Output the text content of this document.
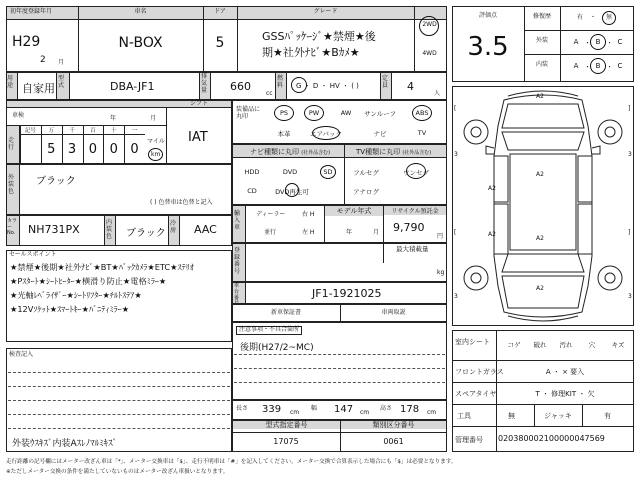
初年度登録年月
H29
2 月
車名
N-BOX
ドア
5
グレード
GSSﾊﾟｯｹｰｼﾞ★禁煙★後
期★社外ﾅﾋﾞ★Bｶﾒ★
2WD
4WD
用途 自家用
型式	DBA-JF1
排気量 660
cc
燃料 G ・ D ・ HV ・ ( )
定員 4
人
シフト
IAT
車検	年	月
走行
記号	万
5
千
3
百
0
十
0
一
0
マイル
km
外装色
ブラック
( ) 色替車は色替と記入
カラー No. NH731PX
内装色 ブラック
冷房 AAC
セールスポイント
★禁煙★後期★社外ﾅﾋﾞ★BT★ﾊﾞｯｸｶﾒﾗ★ETC★ｽﾃﾘｵ
★Pｽﾀｰﾄ★ｼｰﾄﾋｰﾀｰ★横滑り防止★電格ﾐﾗｰ★
★光軸ﾚﾍﾞﾗｲｻﾞｰ★ｼｰﾄﾘﾌﾀｰ★ﾁﾙﾄｽﾃｱ★
★12Vｿｹｯﾄ★ｽﾏｰﾄｷｰ★ﾊﾞﾆﾃｨﾐﾗｰ★
検査記入
外装ｳｽｷｽﾞ内装Aｽﾚﾉﾏﾙﾐｷｽﾞ
装備品に丸印	PS	PW	AW	サンルーフ	ABS
本革	エアバック	ナビ	TV
ナビ種類に丸印 (社外品含む)	TV種類に丸印 (社外品含む)
HDD	DVD	SD
CD	DVD再生可
フルセグ	ワンセグ
アナログ
輸入車
ディーラー
並行
右 H
左 H
モデル年式
年	月
リサイクル預託金
9,790
円
登録番号
最大積載量
kg
車台番号
JF1-1921025
新車保証書	車両取説
注意事項・不具合箇所
後期(H27/2~MC)
長さ 339 cm
幅 147 cm
高さ 178 cm
型式指定番号
17075
類別区分番号
0061
評価点
3.5
修復歴	有 ・ 無
外装	A ・ B ・ C
内装	A ・ B ・ C
[
3
[
3
]
3
]
3
A2
A2
A2
A2
A2
A2
室内シート	コゲ	破れ	汚れ	穴	キズ
フロントガラス	A ・ × 要入
スペアタイヤ	T ・ 修理KIT ・ 欠
工具	無	ジャッキ	有
管理番号 020380002100000047569
走行距離の記号欄にはメーター改ざん車は「*」、メーター交換車は「$」、走行不明車は「#」を記入してください。メーター交換で合算表示した場合にも「$」は必要となります。
※ただしメーター交換の条件を満たしていないものはメーター改ざん車扱いとなります。
